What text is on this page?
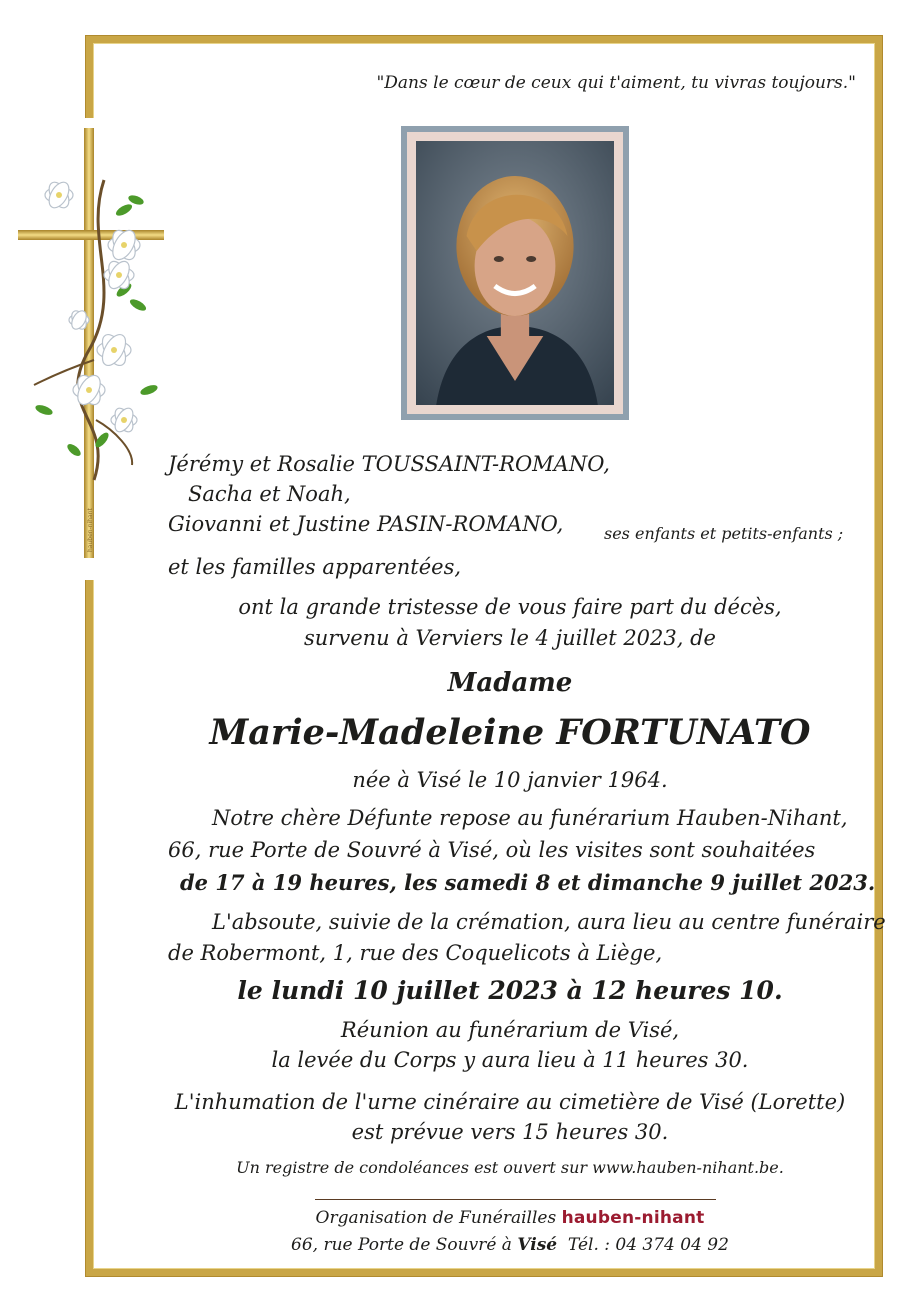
hauben-nihant
"Dans le cœur de ceux qui t'aiment, tu vivras toujours."
Jérémy et Rosalie TOUSSAINT-ROMANO,
Sacha et Noah,
Giovanni et Justine PASIN-ROMANO,	ses enfants et petits-enfants ;
et les familles apparentées,
ont la grande tristesse de vous faire part du décès,
survenu à Verviers le 4 juillet 2023, de
Madame
Marie-Madeleine FORTUNATO
née à Visé le 10 janvier 1964.
Notre chère Défunte repose au funérarium Hauben-Nihant,
66, rue Porte de Souvré à Visé, où les visites sont souhaitées
de 17 à 19 heures, les samedi 8 et dimanche 9 juillet 2023.
L'absoute, suivie de la crémation, aura lieu au centre funéraire
de Robermont, 1, rue des Coquelicots à Liège,
le lundi 10 juillet 2023 à 12 heures 10.
Réunion au funérarium de Visé,
la levée du Corps y aura lieu à 11 heures 30.
L'inhumation de l'urne cinéraire au cimetière de Visé (Lorette)
est prévue vers 15 heures 30.
Un registre de condoléances est ouvert sur www.hauben-nihant.be.
Organisation de Funérailles hauben-nihant
66, rue Porte de Souvré à Visé Tél. : 04 374 04 92
